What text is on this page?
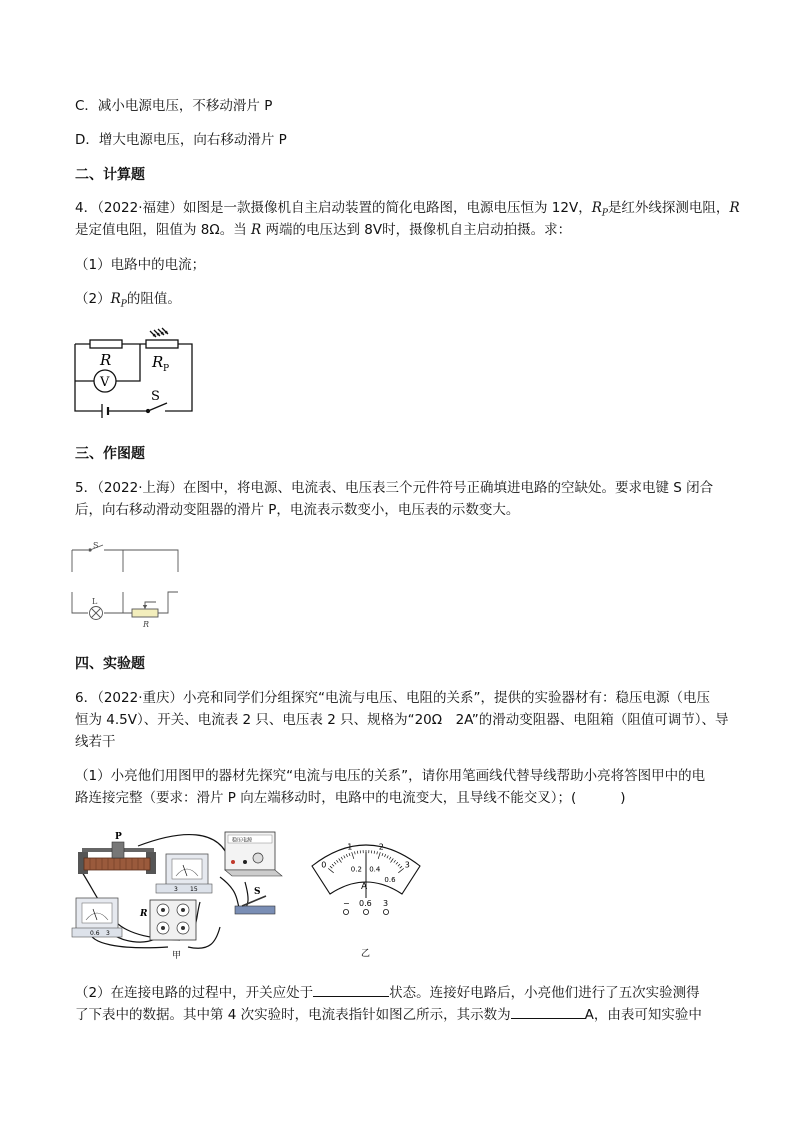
C．减小电源电压，不移动滑片 P
D．增大电源电压，向右移动滑片 P
二、计算题
4．（2022·福建）如图是一款摄像机自主启动装置的简化电路图，电源电压恒为 12V，$R_P$是红外线探测电阻，R
是定值电阻，阻值为 8Ω。当 R 两端的电压达到 8V时，摄像机自主启动拍摄。求：
（1）电路中的电流；
$(2)R_P$的阻值。
R	R P
V
S
三、作图题
5．（2022·上海）在图中，将电源、电流表、电压表三个元件符号正确填进电路的空缺处。要求电键 S 闭合
后，向右移动滑动变阻器的滑片 P，电流表示数变小，电压表的示数变大。
S
L
R
四、实验题
6．（2022·重庆）小亮和同学们分组探究“电流与电压、电阻的关系”，提供的实验器材有：稳压电源（电压
恒为 4.5V）、开关、电流表 2 只、电压表 2 只、规格为“20Ω　2A”的滑动变阻器、电阻箱（阻值可调节）、导
线若干
（1）小亮他们用图甲的器材先探究“电流与电压的关系”，请你用笔画线代替导线帮助小亮将答图甲中的电
路连接完整（要求：滑片 P 向左端移动时，电路中的电流变大，且导线不能交叉）；(	)
P
3 15
稳压电源
S
0.6 3
R
甲
0
1	2
3
0.2 0.4
0.6
A
− 0.6 3
乙
（2）在连接电路的过程中，开关应处于	状态。连接好电路后，小亮他们进行了五次实验测得
了下表中的数据。其中第 4 次实验时，电流表指针如图乙所示，其示数为	A，由表可知实验中
